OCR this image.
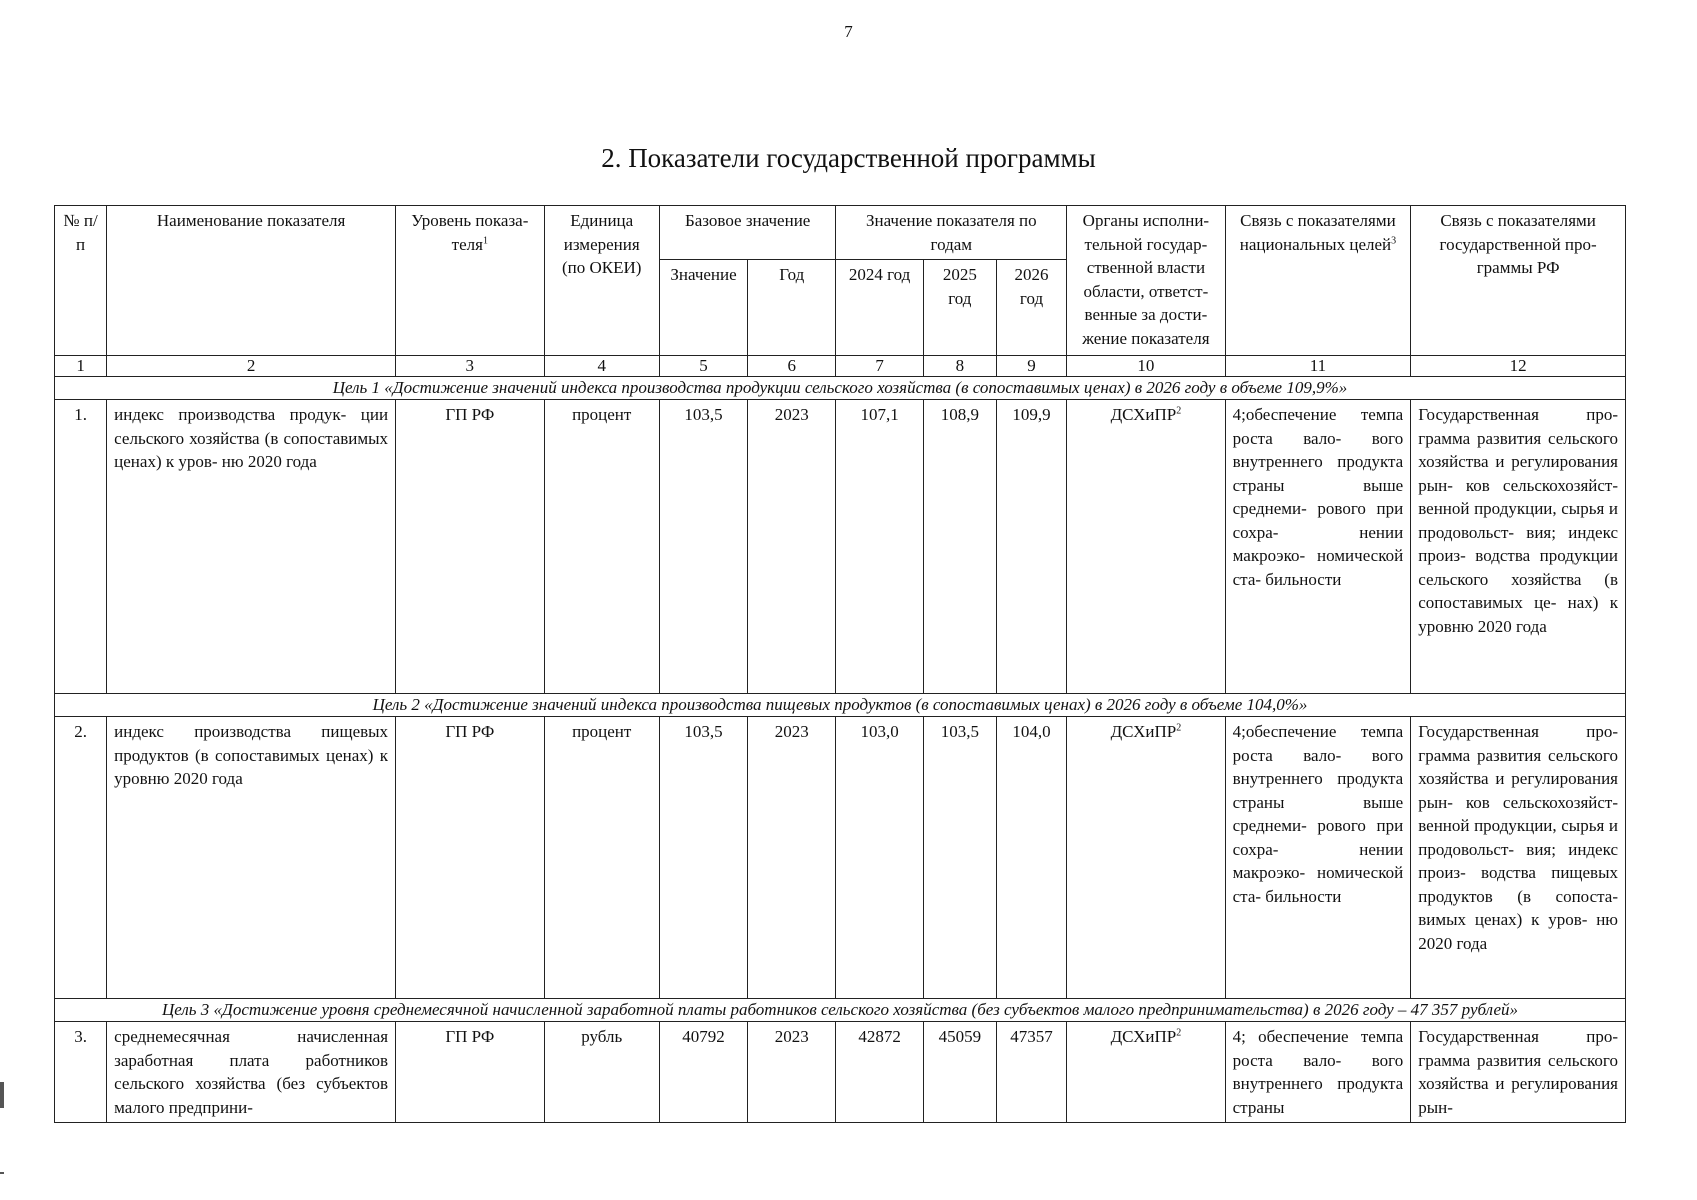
7
2. Показатели государственной программы
№ п/п	Наименование показателя	Уровень показа- теля$^1$	Единица измерения (по ОКЕИ)	Базовое значение		Значение показателя по годам			Органы исполни- тельной государ- ственной власти области, ответст- венные за дости- жение показателя	Связь с показателями национальных целей$^3$	Связь с показателями государственной про- граммы РФ
				Значение	Год	2024 год	2025 год	2026 год			
1	2	3	4	5	6	7	8	9	10	11	12
Цель 1 «Достижение значений индекса производства продукции сельского хозяйства (в сопоставимых ценах) в 2026 году в объеме 109,9%»											
1.	индекс производства продук- ции сельского хозяйства (в сопоставимых ценах) к уров- ню 2020 года	ГП РФ	процент	103,5	2023	107,1	108,9	109,9	ДСХиПР$^2$	4;обеспечение темпа роста вало- вого внутреннего продукта страны выше среднеми- рового при сохра- нении макроэко- номической ста- бильности	Государственная про- грамма развития сельского хозяйства и регулирования рын- ков сельскохозяйст- венной продукции, сырья и продовольст- вия; индекс произ- водства продукции сельского хозяйства (в сопоставимых це- нах) к уровню 2020 года
Цель 2 «Достижение значений индекса производства пищевых продуктов (в сопоставимых ценах) в 2026 году в объеме 104,0%»											
2.	индекс производства пищевых продуктов (в сопоставимых ценах) к уровню 2020 года	ГП РФ	процент	103,5	2023	103,0	103,5	104,0	ДСХиПР$^2$	4;обеспечение темпа роста вало- вого внутреннего продукта страны выше среднеми- рового при сохра- нении макроэко- номической ста- бильности	Государственная про- грамма развития сельского хозяйства и регулирования рын- ков сельскохозяйст- венной продукции, сырья и продовольст- вия; индекс произ- водства пищевых продуктов (в сопоста- вимых ценах) к уров- ню 2020 года
Цель 3 «Достижение уровня среднемесячной начисленной заработной платы работников сельского хозяйства (без субъектов малого предпринимательства) в 2026 году – 47 357 рублей»											
3.	среднемесячная начисленная заработная плата работников сельского хозяйства (без субъектов малого предприни-	ГП РФ	рубль	40792	2023	42872	45059	47357	ДСХиПР$^2$	4; обеспечение темпа роста вало- вого внутреннего продукта страны	Государственная про- грамма развития сельского хозяйства и регулирования рын-
